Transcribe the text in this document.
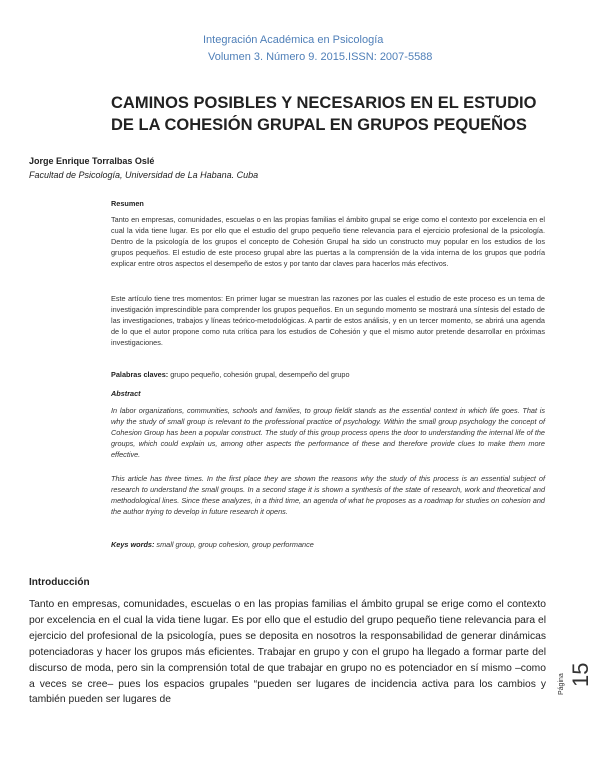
Integración Académica en Psicología
Volumen 3. Número 9. 2015.ISSN: 2007-5588
CAMINOS POSIBLES Y NECESARIOS EN EL ESTUDIO DE LA COHESIÓN GRUPAL EN GRUPOS PEQUEÑOS
Jorge Enrique Torralbas Oslé
Facultad de Psicología, Universidad de La Habana. Cuba
Resumen
Tanto en empresas, comunidades, escuelas o en las propias familias el ámbito grupal se erige como el contexto por excelencia en el cual la vida tiene lugar. Es por ello que el estudio del grupo pequeño tiene relevancia para el ejercicio profesional de la psicología. Dentro de la psicología de los grupos el concepto de Cohesión Grupal ha sido un constructo muy popular en los estudios de los grupos pequeños. El estudio de este proceso grupal abre las puertas a la comprensión de la vida interna de los grupos que podría explicar entre otros aspectos el desempeño de estos y por tanto dar claves para hacerlos más efectivos.
Este artículo tiene tres momentos: En primer lugar se muestran las razones por las cuales el estudio de este proceso es un tema de investigación imprescindible para comprender los grupos pequeños. En un segundo momento se mostrará una síntesis del estado de las investigaciones, trabajos y líneas teórico-metodológicas. A partir de estos análisis, y en un tercer momento, se abrirá una agenda de lo que el autor propone como ruta crítica para los estudios de Cohesión y que el mismo autor pretende desarrollar en próximas investigaciones.
Palabras claves: grupo pequeño, cohesión grupal, desempeño del grupo
Abstract
In labor organizations, communities, schools and families, to group fieldit stands as the essential context in which life goes. That is why the study of small group is relevant to the professional practice of psychology. Within the small group psychology the concept of Cohesion Group has been a popular construct. The study of this group process opens the door to understanding the internal life of the groups, which could explain us, among other aspects the performance of these and therefore provide clues to make them more effective.
This article has three times. In the first place they are shown the reasons why the study of this process is an essential subject of research to understand the small groups. In a second stage it is shown a synthesis of the state of research, work and theoretical and methodological lines. Since these analyzes, in a third time, an agenda of what he proposes as a roadmap for studies on cohesion and the author trying to develop in future research it opens.
Keys words: small group, group cohesion, group performance
Introducción
Tanto en empresas, comunidades, escuelas o en las propias familias el ámbito grupal se erige como el contexto por excelencia en el cual la vida tiene lugar. Es por ello que el estudio del grupo pequeño tiene relevancia para el ejercicio del profesional de la psicología, pues se deposita en nosotros la responsabilidad de generar dinámicas potenciadoras y hacer los grupos más eficientes. Trabajar en grupo y con el grupo ha llegado a formar parte del discurso de moda, pero sin la comprensión total de que trabajar en grupo no es potenciador en sí mismo –como a veces se cree– pues los espacios grupales “pueden ser lugares de incidencia activa para los cambios y también pueden ser lugares de
Página 15
